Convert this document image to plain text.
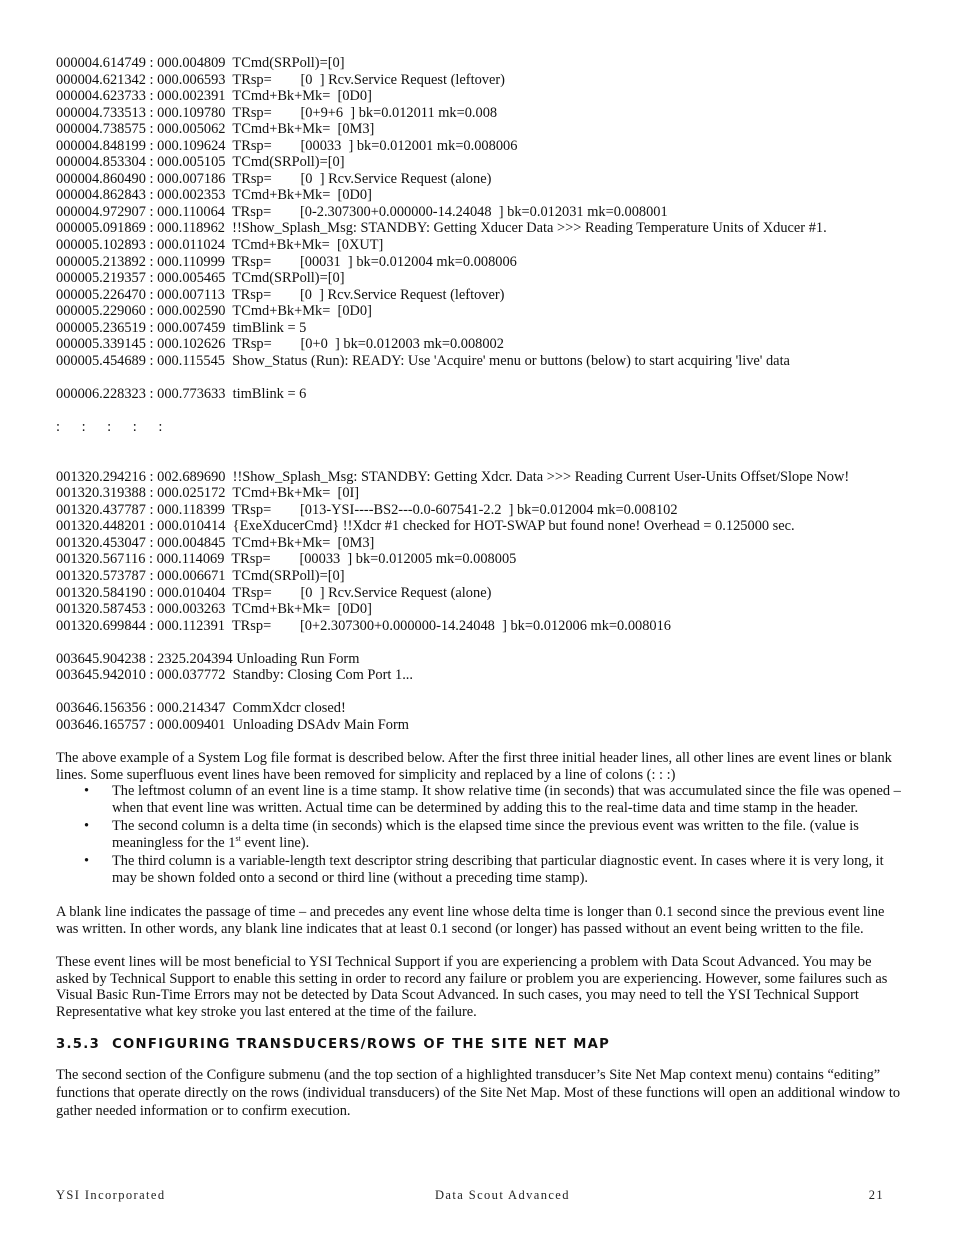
000004.614749 : 000.004809  TCmd(SRPoll)=[0]
000004.621342 : 000.006593  TRsp=        [0  ] Rcv.Service Request (leftover)
000004.623733 : 000.002391  TCmd+Bk+Mk=  [0D0]
000004.733513 : 000.109780  TRsp=        [0+9+6  ] bk=0.012011 mk=0.008
000004.738575 : 000.005062  TCmd+Bk+Mk=  [0M3]
000004.848199 : 000.109624  TRsp=        [00033  ] bk=0.012001 mk=0.008006
000004.853304 : 000.005105  TCmd(SRPoll)=[0]
000004.860490 : 000.007186  TRsp=        [0  ] Rcv.Service Request (alone)
000004.862843 : 000.002353  TCmd+Bk+Mk=  [0D0]
000004.972907 : 000.110064  TRsp=        [0-2.307300+0.000000-14.24048  ] bk=0.012031 mk=0.008001
000005.091869 : 000.118962  !!Show_Splash_Msg: STANDBY: Getting Xducer Data >>> Reading Temperature Units of Xducer #1.
000005.102893 : 000.011024  TCmd+Bk+Mk=  [0XUT]
000005.213892 : 000.110999  TRsp=        [00031  ] bk=0.012004 mk=0.008006
000005.219357 : 000.005465  TCmd(SRPoll)=[0]
000005.226470 : 000.007113  TRsp=        [0  ] Rcv.Service Request (leftover)
000005.229060 : 000.002590  TCmd+Bk+Mk=  [0D0]
000005.236519 : 000.007459  timBlink = 5
000005.339145 : 000.102626  TRsp=        [0+0  ] bk=0.012003 mk=0.008002
000005.454689 : 000.115545  Show_Status (Run): READY: Use 'Acquire' menu or buttons (below) to start acquiring 'live' data
000006.228323 : 000.773633  timBlink = 6
:      :      :      :      :
001320.294216 : 002.689690  !!Show_Splash_Msg: STANDBY: Getting Xdcr. Data >>> Reading Current User-Units Offset/Slope Now!
001320.319388 : 000.025172  TCmd+Bk+Mk=  [0I]
001320.437787 : 000.118399  TRsp=        [013-YSI----BS2---0.0-607541-2.2  ] bk=0.012004 mk=0.008102
001320.448201 : 000.010414  {ExeXducerCmd} !!Xdcr #1 checked for HOT-SWAP but found none! Overhead = 0.125000 sec.
001320.453047 : 000.004845  TCmd+Bk+Mk=  [0M3]
001320.567116 : 000.114069  TRsp=        [00033  ] bk=0.012005 mk=0.008005
001320.573787 : 000.006671  TCmd(SRPoll)=[0]
001320.584190 : 000.010404  TRsp=        [0  ] Rcv.Service Request (alone)
001320.587453 : 000.003263  TCmd+Bk+Mk=  [0D0]
001320.699844 : 000.112391  TRsp=        [0+2.307300+0.000000-14.24048  ] bk=0.012006 mk=0.008016
003645.904238 : 2325.204394 Unloading Run Form
003645.942010 : 000.037772  Standby: Closing Com Port 1...
003646.156356 : 000.214347  CommXdcr closed!
003646.165757 : 000.009401  Unloading DSAdv Main Form

The above example of a System Log file format is described below. After the first three initial header lines, all other lines are event lines or blank lines. Some superfluous event lines have been removed for simplicity and replaced by a line of colons (: : :)

• The leftmost column of an event line is a time stamp. It show relative time (in seconds) that was accumulated since the file was opened – when that event line was written. Actual time can be determined by adding this to the real-time data and time stamp in the header.
• The second column is a delta time (in seconds) which is the elapsed time since the previous event was written to the file. (value is meaningless for the 1st event line).
• The third column is a variable-length text descriptor string describing that particular diagnostic event. In cases where it is very long, it may be shown folded onto a second or third line (without a preceding time stamp).

A blank line indicates the passage of time – and precedes any event line whose delta time is longer than 0.1 second since the previous event line was written. In other words, any blank line indicates that at least 0.1 second (or longer) has passed without an event being written to the file.

These event lines will be most beneficial to YSI Technical Support if you are experiencing a problem with Data Scout Advanced. You may be asked by Technical Support to enable this setting in order to record any failure or problem you are experiencing. However, some failures such as Visual Basic Run-Time Errors may not be detected by Data Scout Advanced. In such cases, you may need to tell the YSI Technical Support Representative what key stroke you last entered at the time of the failure.

3.5.3 CONFIGURING TRANSDUCERS/ROWS OF THE SITE NET MAP

The second section of the Configure submenu (and the top section of a highlighted transducer’s Site Net Map context menu) contains “editing” functions that operate directly on the rows (individual transducers) of the Site Net Map. Most of these functions will open an additional window to gather needed information or to confirm execution.

YSI Incorporated	Data Scout Advanced	21
